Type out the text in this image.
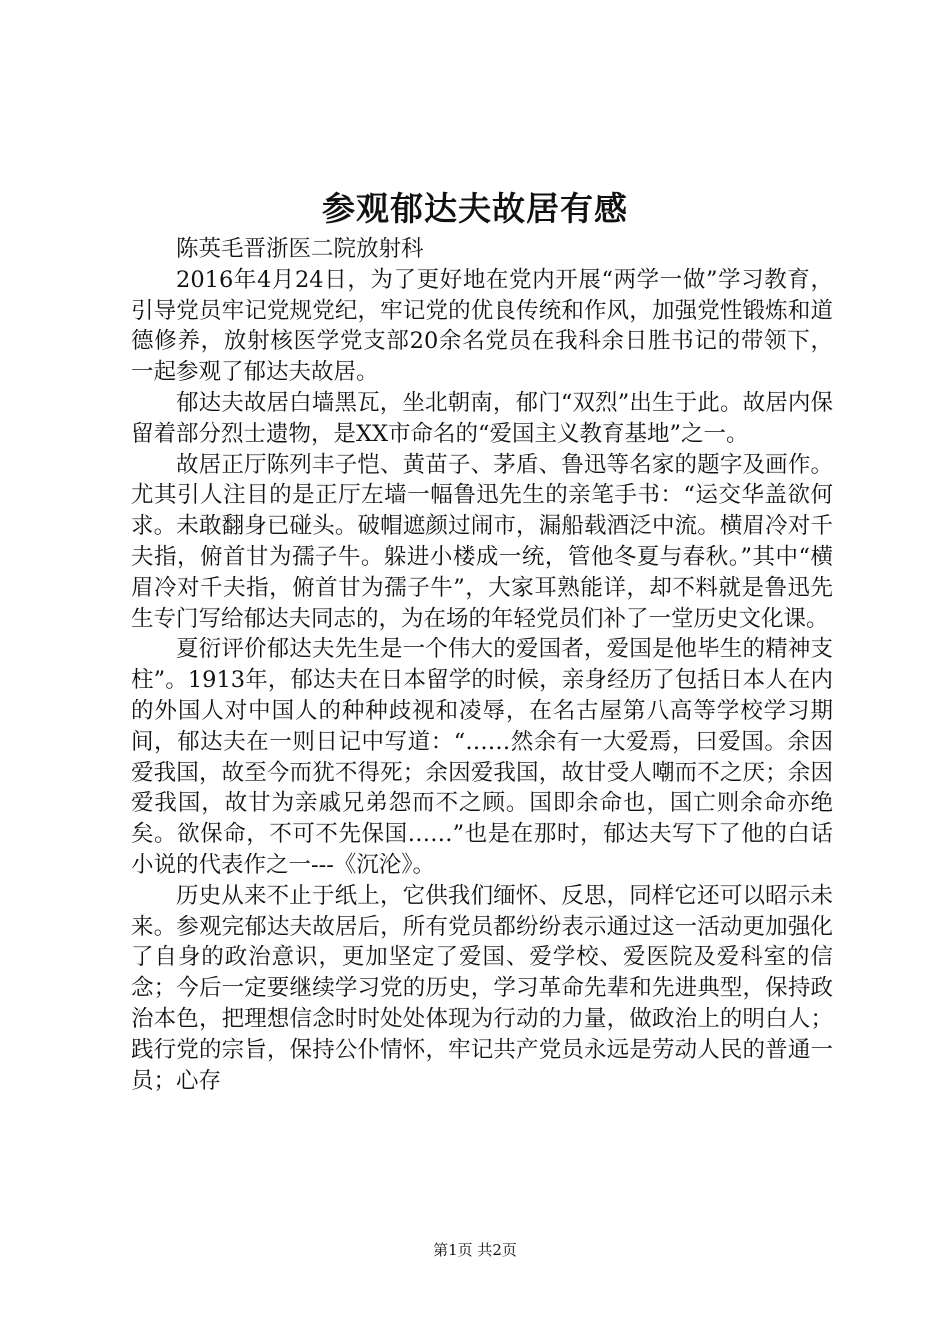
参观郁达夫故居有感

陈英毛晋浙医二院放射科

2016年4月24日，为了更好地在党内开展“两学一做”学习教育，引导党员牢记党规党纪，牢记党的优良传统和作风，加强党性锻炼和道德修养，放射核医学党支部20余名党员在我科余日胜书记的带领下，一起参观了郁达夫故居。

郁达夫故居白墙黑瓦，坐北朝南，郁门“双烈”出生于此。故居内保留着部分烈士遗物，是XX市命名的“爱国主义教育基地”之一。

故居正厅陈列丰子恺、黄苗子、茅盾、鲁迅等名家的题字及画作。尤其引人注目的是正厅左墙一幅鲁迅先生的亲笔手书：“运交华盖欲何求。未敢翻身已碰头。破帽遮颜过闹市，漏船载酒泛中流。横眉冷对千夫指，俯首甘为孺子牛。躲进小楼成一统，管他冬夏与春秋。”其中“横眉冷对千夫指，俯首甘为孺子牛”，大家耳熟能详，却不料就是鲁迅先生专门写给郁达夫同志的，为在场的年轻党员们补了一堂历史文化课。

夏衍评价郁达夫先生是一个伟大的爱国者，爱国是他毕生的精神支柱”。1913年，郁达夫在日本留学的时候，亲身经历了包括日本人在内的外国人对中国人的种种歧视和凌辱，在名古屋第八高等学校学习期间，郁达夫在一则日记中写道：“……然余有一大爱焉，曰爱国。余因爱我国，故至今而犹不得死；余因爱我国，故甘受人嘲而不之厌；余因爱我国，故甘为亲戚兄弟怨而不之顾。国即余命也，国亡则余命亦绝矣。欲保命，不可不先保国……”也是在那时，郁达夫写下了他的白话小说的代表作之一---《沉沦》。

历史从来不止于纸上，它供我们缅怀、反思，同样它还可以昭示未来。参观完郁达夫故居后，所有党员都纷纷表示通过这一活动更加强化了自身的政治意识，更加坚定了爱国、爱学校、爱医院及爱科室的信念；今后一定要继续学习党的历史，学习革命先辈和先进典型，保持政治本色，把理想信念时时处处体现为行动的力量，做政治上的明白人；践行党的宗旨，保持公仆情怀，牢记共产党员永远是劳动人民的普通一员；心存

第1页 共2页
